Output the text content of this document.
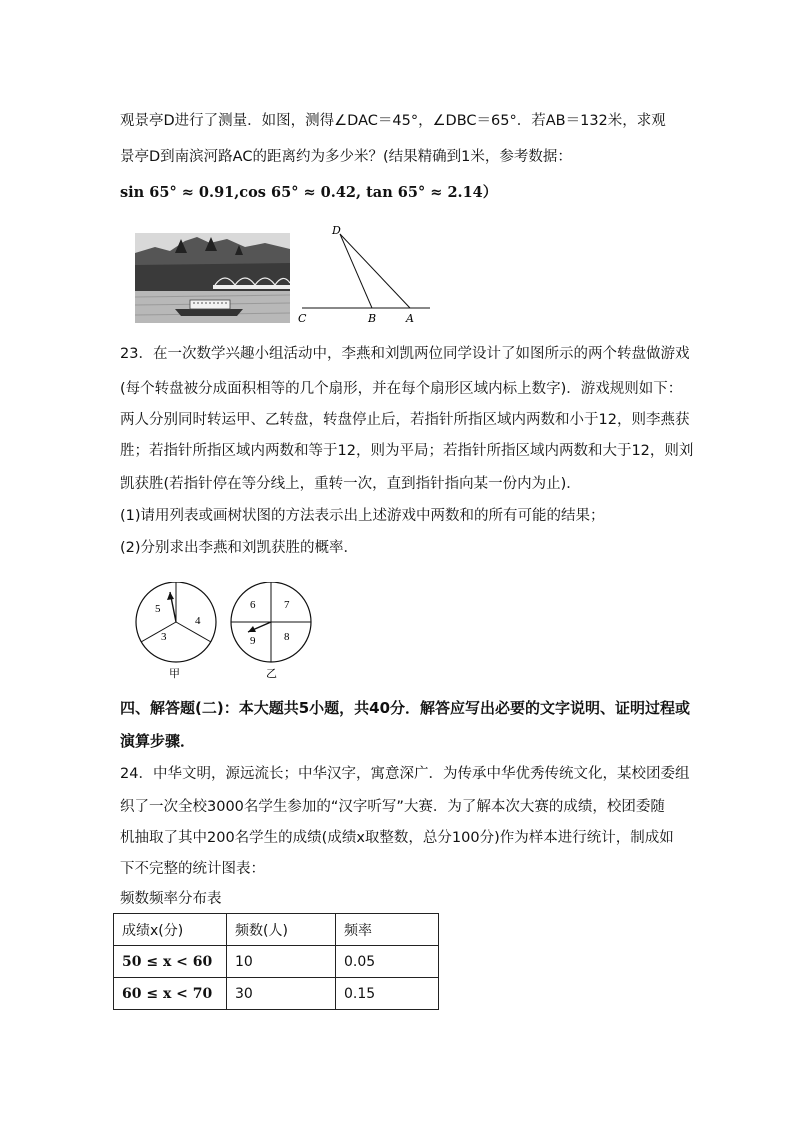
观景亭D进行了测量．如图，测得∠DAC＝45°，∠DBC＝65°．若AB＝132米，求观
景亭D到南滨河路AC的距离约为多少米？(结果精确到1米，参考数据：
sin 65° ≈ 0.91,cos 65° ≈ 0.42, tan 65° ≈ 2.14）
D
C	B	A
23．在一次数学兴趣小组活动中，李燕和刘凯两位同学设计了如图所示的两个转盘做游戏
(每个转盘被分成面积相等的几个扇形，并在每个扇形区域内标上数字)．游戏规则如下：
两人分别同时转运甲、乙转盘，转盘停止后，若指针所指区域内两数和小于12，则李燕获
胜；若指针所指区域内两数和等于12，则为平局；若指针所指区域内两数和大于12，则刘
凯获胜(若指针停在等分线上，重转一次，直到指针指向某一份内为止)．
(1)请用列表或画树状图的方法表示出上述游戏中两数和的所有可能的结果；
(2)分别求出李燕和刘凯获胜的概率．
5
4
3
甲
6	7
9	8
乙
四、解答题(二)：本大题共5小题，共40分．解答应写出必要的文字说明、证明过程或
演算步骤．
24．中华文明，源远流长；中华汉字，寓意深广．为传承中华优秀传统文化，某校团委组
织了一次全校3000名学生参加的“汉字听写”大赛．为了解本次大赛的成绩，校团委随
机抽取了其中200名学生的成绩(成绩x取整数，总分100分)作为样本进行统计，制成如
下不完整的统计图表：
频数频率分布表
成绩x(分)	频数(人)	频率
50 ≤ x < 60	10	0.05
60 ≤ x < 70	30	0.15
